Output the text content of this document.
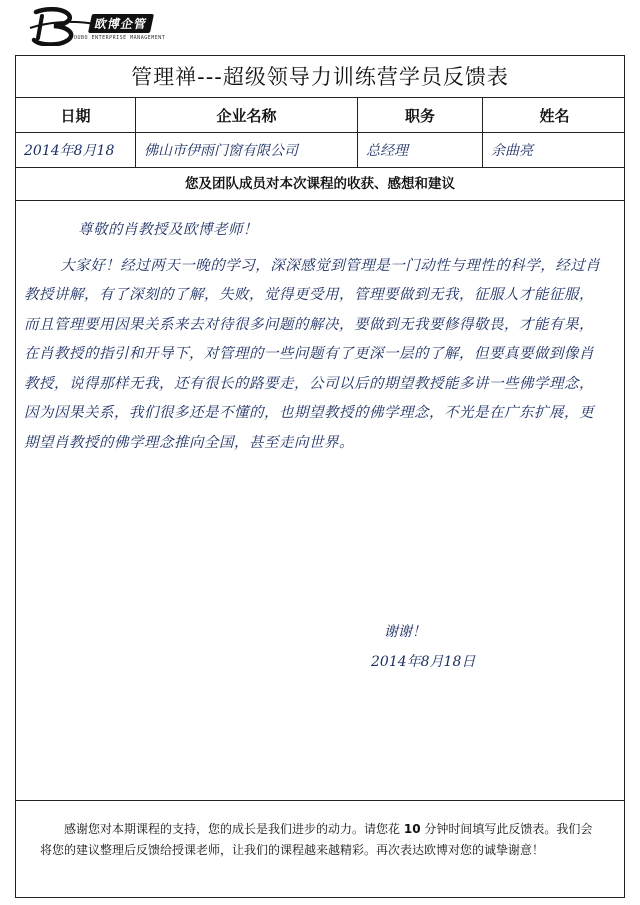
欧博企管
OUBO ENTERPRISE MANAGEMENT
管理禅---超级领导力训练营学员反馈表
日期	企业名称	职务	姓名
2014年8月18 佛山市伊雨门窗有限公司	总经理	余曲亮
您及团队成员对本次课程的收获、感想和建议

尊敬的肖教授及欧博老师！

大家好！经过两天一晚的学习，深深感觉到管理是一门动性与理性的科学，经过肖教授讲解，有了深刻的了解，失败，觉得更受用，管理要做到无我，征服人才能征服，而且管理要用因果关系来去对待很多问题的解决，要做到无我要修得敬畏，才能有果，在肖教授的指引和开导下，对管理的一些问题有了更深一层的了解，但要真要做到像肖教授，说得那样无我，还有很长的路要走，公司以后的期望教授能多讲一些佛学理念，因为因果关系，我们很多还是不懂的，也期望教授的佛学理念，不光是在广东扩展，更期望肖教授的佛学理念推向全国，甚至走向世界。

谢谢！
2014年8月18日

感谢您对本期课程的支持，您的成长是我们进步的动力。请您花 10 分钟时间填写此反馈表。我们会将您的建议整理后反馈给授课老师，让我们的课程越来越精彩。再次表达欧博对您的诚挚谢意！
